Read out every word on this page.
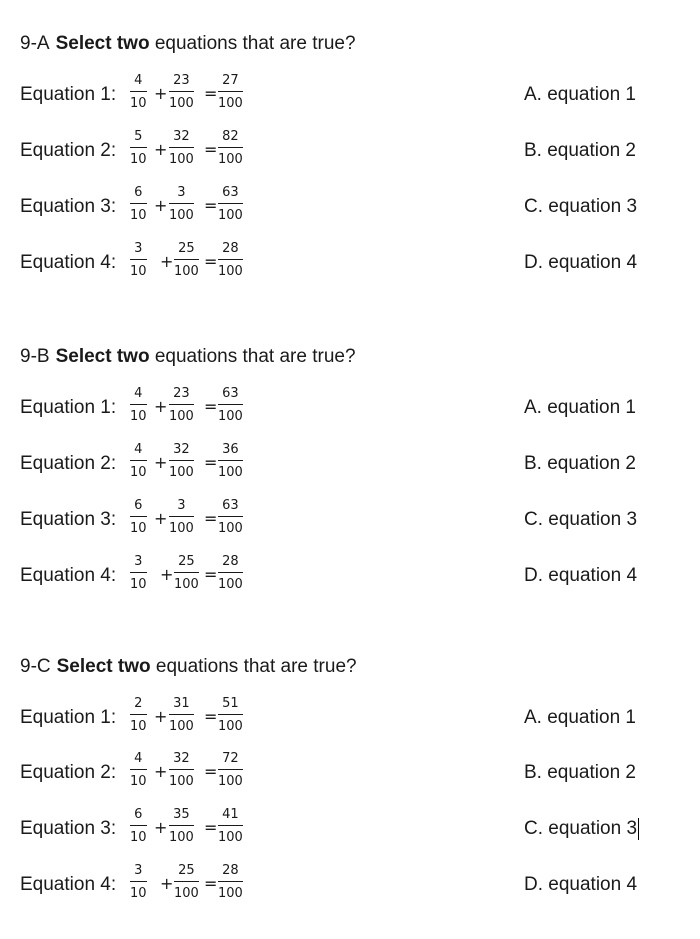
9-A Select two equations that are true?
Equation 1: $\frac{4}{10} + \frac{23}{100} = \frac{27}{100}$	A. equation 1
Equation 2: $\frac{5}{10} + \frac{32}{100} = \frac{82}{100}$	B. equation 2
Equation 3: $\frac{6}{10} + \frac{3}{100} = \frac{63}{100}$	C. equation 3
Equation 4: $\frac{3}{10} + \frac{25}{100} = \frac{28}{100}$	D. equation 4
9-B Select two equations that are true?
Equation 1: $\frac{4}{10} + \frac{23}{100} = \frac{63}{100}$	A. equation 1
Equation 2: $\frac{4}{10} + \frac{32}{100} = \frac{36}{100}$	B. equation 2
Equation 3: $\frac{6}{10} + \frac{3}{100} = \frac{63}{100}$	C. equation 3
Equation 4: $\frac{3}{10} + \frac{25}{100} = \frac{28}{100}$	D. equation 4
9-C Select two equations that are true?
Equation 1: $\frac{2}{10} + \frac{31}{100} = \frac{51}{100}$	A. equation 1
Equation 2: $\frac{4}{10} + \frac{32}{100} = \frac{72}{100}$	B. equation 2
Equation 3: $\frac{6}{10} + \frac{35}{100} = \frac{41}{100}$	C. equation 3
Equation 4: $\frac{3}{10} + \frac{25}{100} = \frac{28}{100}$	D. equation 4
